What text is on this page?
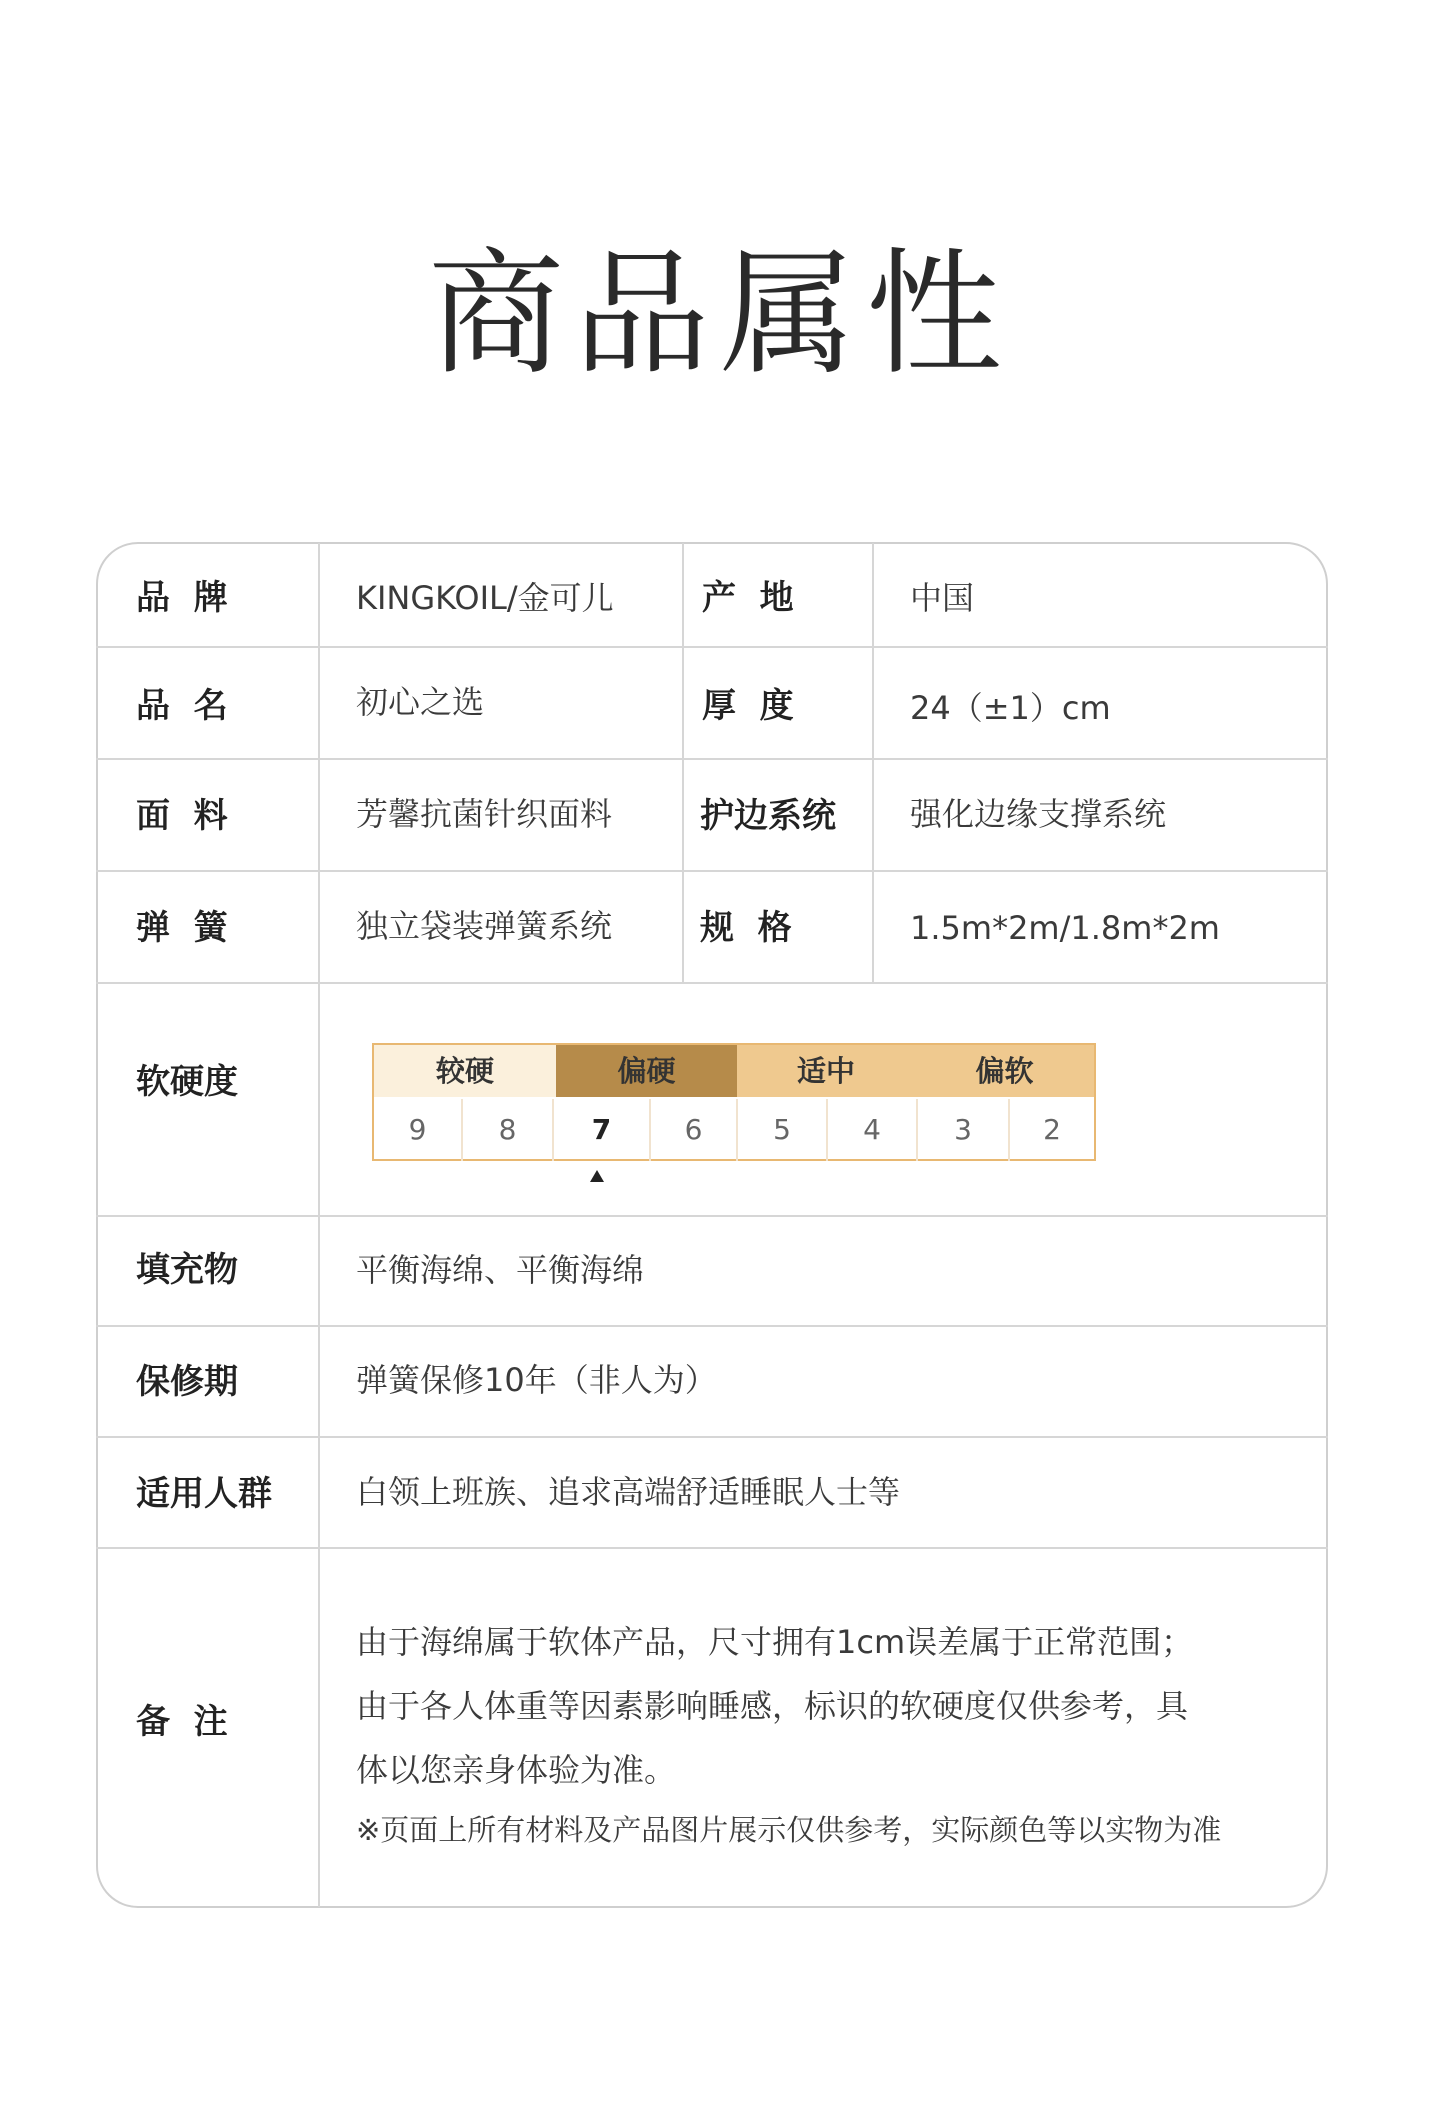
商品属性
品  牌	KINGKOIL/金可儿	产  地	中国
品  名	初心之选	厚  度	24（±1）cm
面  料	芳馨抗菌针织面料	护边系统 强化边缘支撑系统
弹  簧	独立袋装弹簧系统	规  格	1.5m*2m/1.8m*2m
软硬度	较硬	偏硬	适中	偏软
9	8	7	6	5	4	3	2
填充物	平衡海绵、平衡海绵
保修期	弹簧保修10年（非人为）
适用人群	白领上班族、追求高端舒适睡眠人士等
备  注
由于海绵属于软体产品，尺寸拥有1cm误差属于正常范围；
由于各人体重等因素影响睡感，标识的软硬度仅供参考，具
体以您亲身体验为准。
※页面上所有材料及产品图片展示仅供参考，实际颜色等以实物为准
